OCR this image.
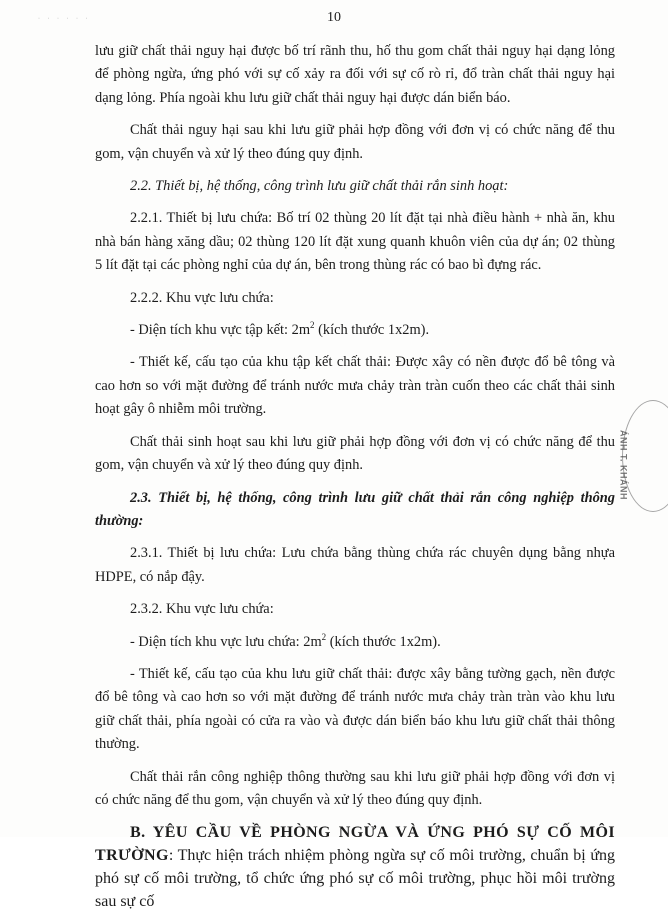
· · · · · ·	10

lưu giữ chất thải nguy hại được bố trí rãnh thu, hố thu gom chất thải nguy hại dạng lỏng để phòng ngừa, ứng phó với sự cố xảy ra đối với sự cố rò rỉ, đổ tràn chất thải nguy hại dạng lỏng. Phía ngoài khu lưu giữ chất thải nguy hại được dán biển báo.

Chất thải nguy hại sau khi lưu giữ phải hợp đồng với đơn vị có chức năng để thu gom, vận chuyển và xử lý theo đúng quy định.

2.2. Thiết bị, hệ thống, công trình lưu giữ chất thải rắn sinh hoạt:

2.2.1. Thiết bị lưu chứa: Bố trí 02 thùng 20 lít đặt tại nhà điều hành + nhà ăn, khu nhà bán hàng xăng dầu; 02 thùng 120 lít đặt xung quanh khuôn viên của dự án; 02 thùng 5 lít đặt tại các phòng nghỉ của dự án, bên trong thùng rác có bao bì đựng rác.

2.2.2. Khu vực lưu chứa:

- Diện tích khu vực tập kết: $2m^2$ (kích thước 1x2m).

- Thiết kế, cấu tạo của khu tập kết chất thải: Được xây có nền được đổ bê tông và cao hơn so với mặt đường để tránh nước mưa chảy tràn tràn cuốn theo các chất thải sinh hoạt gây ô nhiễm môi trường.

Chất thải sinh hoạt sau khi lưu giữ phải hợp đồng với đơn vị có chức năng để thu gom, vận chuyển và xử lý theo đúng quy định.

2.3. Thiết bị, hệ thống, công trình lưu giữ chất thải rắn công nghiệp thông thường:

2.3.1. Thiết bị lưu chứa: Lưu chứa bằng thùng chứa rác chuyên dụng bằng nhựa HDPE, có nắp đậy.

2.3.2. Khu vực lưu chứa:

- Diện tích khu vực lưu chứa: $2m^2$ (kích thước 1x2m).

- Thiết kế, cấu tạo của khu lưu giữ chất thải: được xây bằng tường gạch, nền được đổ bê tông và cao hơn so với mặt đường để tránh nước mưa chảy tràn tràn vào khu lưu giữ chất thải, phía ngoài có cửa ra vào và được dán biển báo khu lưu giữ chất thải thông thường.

Chất thải rắn công nghiệp thông thường sau khi lưu giữ phải hợp đồng với đơn vị có chức năng để thu gom, vận chuyển và xử lý theo đúng quy định.

B. YÊU CẦU VỀ PHÒNG NGỪA VÀ ỨNG PHÓ SỰ CỐ MÔI TRƯỜNG: Thực hiện trách nhiệm phòng ngừa sự cố môi trường, chuẩn bị ứng phó sự cố môi trường, tổ chức ứng phó sự cố môi trường, phục hồi môi trường sau sự cố

ÁNH T. KHÁNH
